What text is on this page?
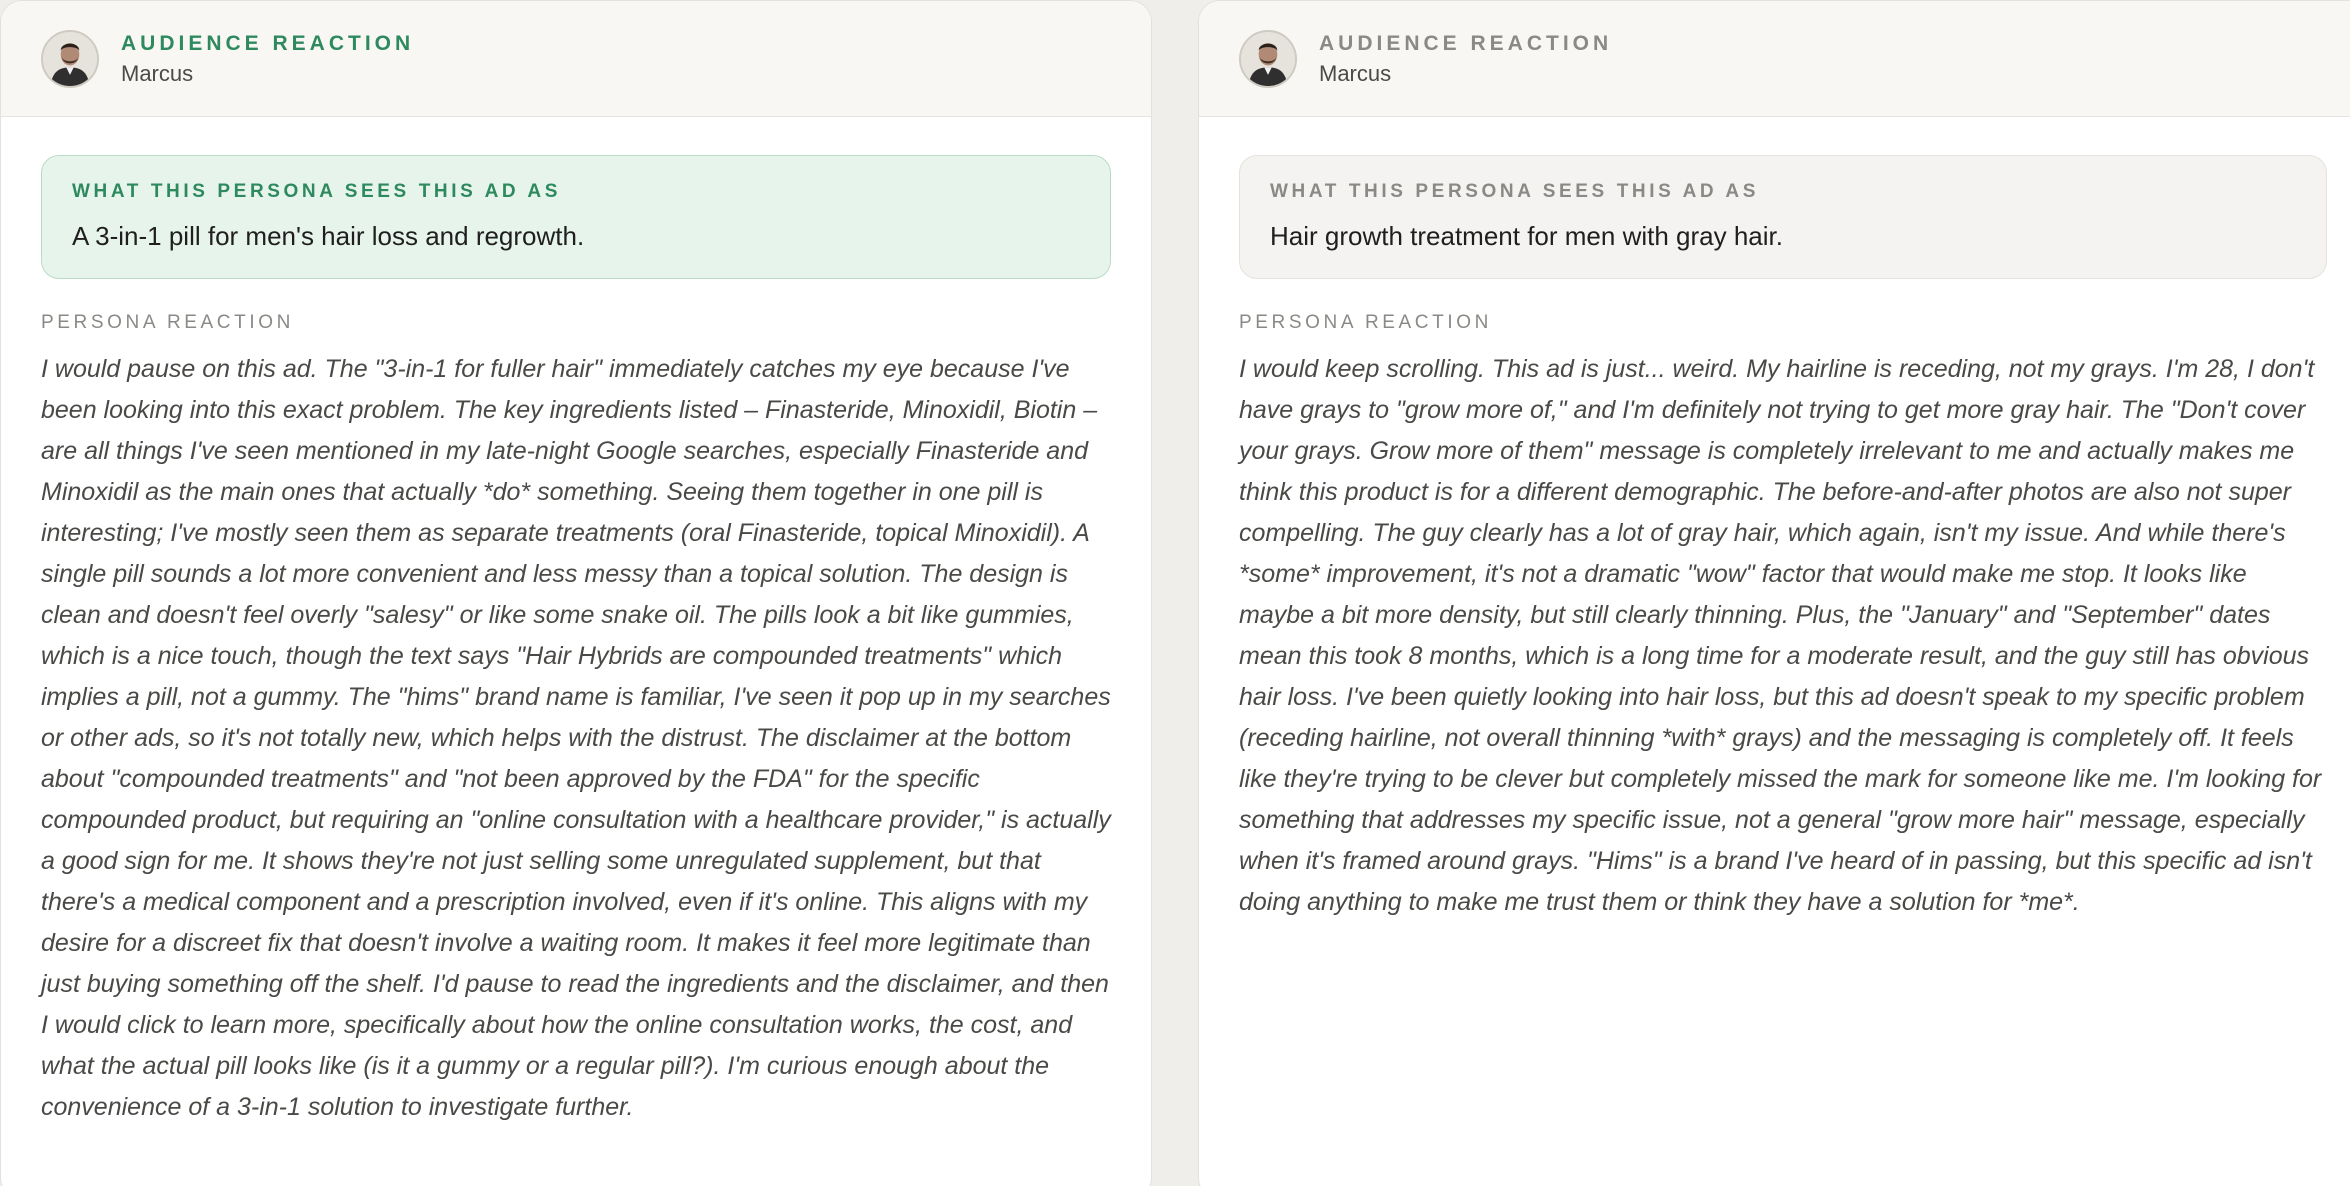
AUDIENCE REACTION
Marcus
WHAT THIS PERSONA SEES THIS AD AS
A 3-in-1 pill for men's hair loss and regrowth.
PERSONA REACTION
I would pause on this ad. The "3-in-1 for fuller hair" immediately catches my eye because I've been looking into this exact problem. The key ingredients listed – Finasteride, Minoxidil, Biotin – are all things I've seen mentioned in my late-night Google searches, especially Finasteride and Minoxidil as the main ones that actually *do* something. Seeing them together in one pill is interesting; I've mostly seen them as separate treatments (oral Finasteride, topical Minoxidil). A single pill sounds a lot more convenient and less messy than a topical solution. The design is clean and doesn't feel overly "salesy" or like some snake oil. The pills look a bit like gummies, which is a nice touch, though the text says "Hair Hybrids are compounded treatments" which implies a pill, not a gummy. The "hims" brand name is familiar, I've seen it pop up in my searches or other ads, so it's not totally new, which helps with the distrust. The disclaimer at the bottom about "compounded treatments" and "not been approved by the FDA" for the specific compounded product, but requiring an "online consultation with a healthcare provider," is actually a good sign for me. It shows they're not just selling some unregulated supplement, but that there's a medical component and a prescription involved, even if it's online. This aligns with my desire for a discreet fix that doesn't involve a waiting room. It makes it feel more legitimate than just buying something off the shelf. I'd pause to read the ingredients and the disclaimer, and then I would click to learn more, specifically about how the online consultation works, the cost, and what the actual pill looks like (is it a gummy or a regular pill?). I'm curious enough about the convenience of a 3-in-1 solution to investigate further.
AUDIENCE REACTION
Marcus
WHAT THIS PERSONA SEES THIS AD AS
Hair growth treatment for men with gray hair.
PERSONA REACTION
I would keep scrolling. This ad is just... weird. My hairline is receding, not my grays. I'm 28, I don't have grays to "grow more of," and I'm definitely not trying to get more gray hair. The "Don't cover your grays. Grow more of them" message is completely irrelevant to me and actually makes me think this product is for a different demographic. The before-and-after photos are also not super compelling. The guy clearly has a lot of gray hair, which again, isn't my issue. And while there's *some* improvement, it's not a dramatic "wow" factor that would make me stop. It looks like maybe a bit more density, but still clearly thinning. Plus, the "January" and "September" dates mean this took 8 months, which is a long time for a moderate result, and the guy still has obvious hair loss. I've been quietly looking into hair loss, but this ad doesn't speak to my specific problem (receding hairline, not overall thinning *with* grays) and the messaging is completely off. It feels like they're trying to be clever but completely missed the mark for someone like me. I'm looking for something that addresses my specific issue, not a general "grow more hair" message, especially when it's framed around grays. "Hims" is a brand I've heard of in passing, but this specific ad isn't doing anything to make me trust them or think they have a solution for *me*.
